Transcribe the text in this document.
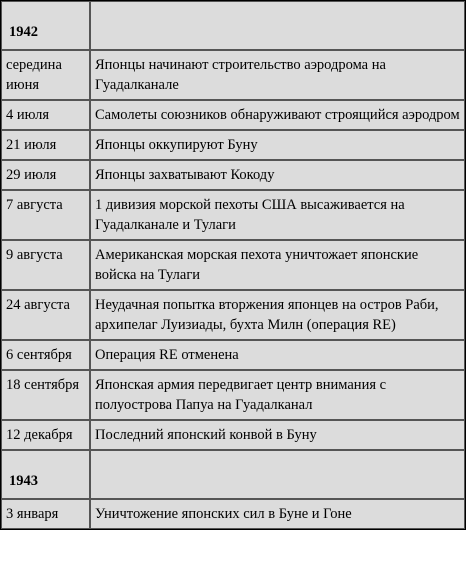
1942	
середина июня	Японцы начинают строительство аэродрома на Гуадалканале
4 июля	Самолеты союзников обнаруживают строящийся аэродром
21 июля	Японцы оккупируют Буну
29 июля	Японцы захватывают Кокоду
7 августа	1 дивизия морской пехоты США высаживается на Гуадалканале и Тулаги
9 августа	Американская морская пехота уничтожает японские войска на Тулаги
24 августа	Неудачная попытка вторжения японцев на остров Раби, архипелаг Луизиады, бухта Милн (операция RE)
6 сентября	Операция RE отменена
18 сентября	Японская армия передвигает центр внимания с полуострова Папуа на Гуадалканал
12 декабря	Последний японский конвой в Буну
1943	
3 января	Уничтожение японских сил в Буне и Гоне
